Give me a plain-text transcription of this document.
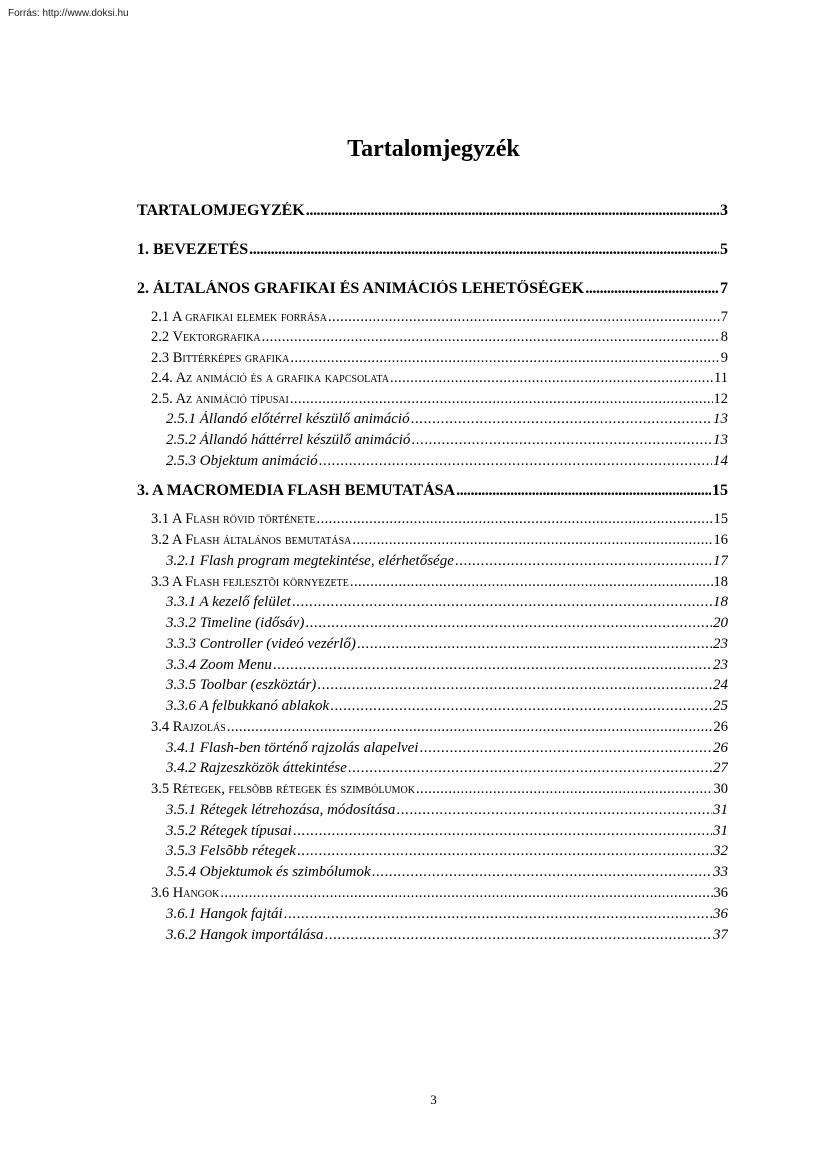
Forrás: http://www.doksi.hu
Tartalomjegyzék
TARTALOMJEGYZÉK . . .	3
1. BEVEZETÉS . . .	5
2. ÁLTALÁNOS GRAFIKAI ÉS ANIMÁCIÓS LEHETŐSÉGEK . . .	7
2.1 A grafikai elemek forrása . . .	7
2.2 Vektorgrafika . . .	8
2.3 Bittérképes grafika . . .	9
2.4. Az animáció és a grafika kapcsolata . . .	11
2.5. Az animáció típusai . . .	12
2.5.1 Állandó előtérrel készülő animáció . . .	13
2.5.2 Állandó háttérrel készülő animáció . . .	13
2.5.3 Objektum animáció . . .	14
3. A MACROMEDIA FLASH BEMUTATÁSA . . .	15
3.1 A Flash rövid története . . .	15
3.2 A Flash általános bemutatása . . .	16
3.2.1 Flash program megtekintése, elérhetősége . . .	17
3.3 A Flash fejlesztõi környezete . . .	18
3.3.1 A kezelő felület . . .	18
3.3.2 Timeline (idősáv) . . .	20
3.3.3 Controller (videó vezérlő) . . .	23
3.3.4 Zoom Menu . . .	23
3.3.5 Toolbar (eszköztár) . . .	24
3.3.6 A felbukkanó ablakok . . .	25
3.4 Rajzolás . . .	26
3.4.1 Flash-ben történő rajzolás alapelvei . . .	26
3.4.2 Rajzeszközök áttekintése . . .	27
3.5 Rétegek, felsõbb rétegek és szimbólumok . . .	30
3.5.1 Rétegek létrehozása, módosítása . . .	31
3.5.2 Rétegek típusai . . .	31
3.5.3 Felsõbb rétegek . . .	32
3.5.4 Objektumok és szimbólumok . . .	33
3.6 Hangok . . .	36
3.6.1 Hangok fajtái . . .	36
3.6.2 Hangok importálása . . .	37
3
